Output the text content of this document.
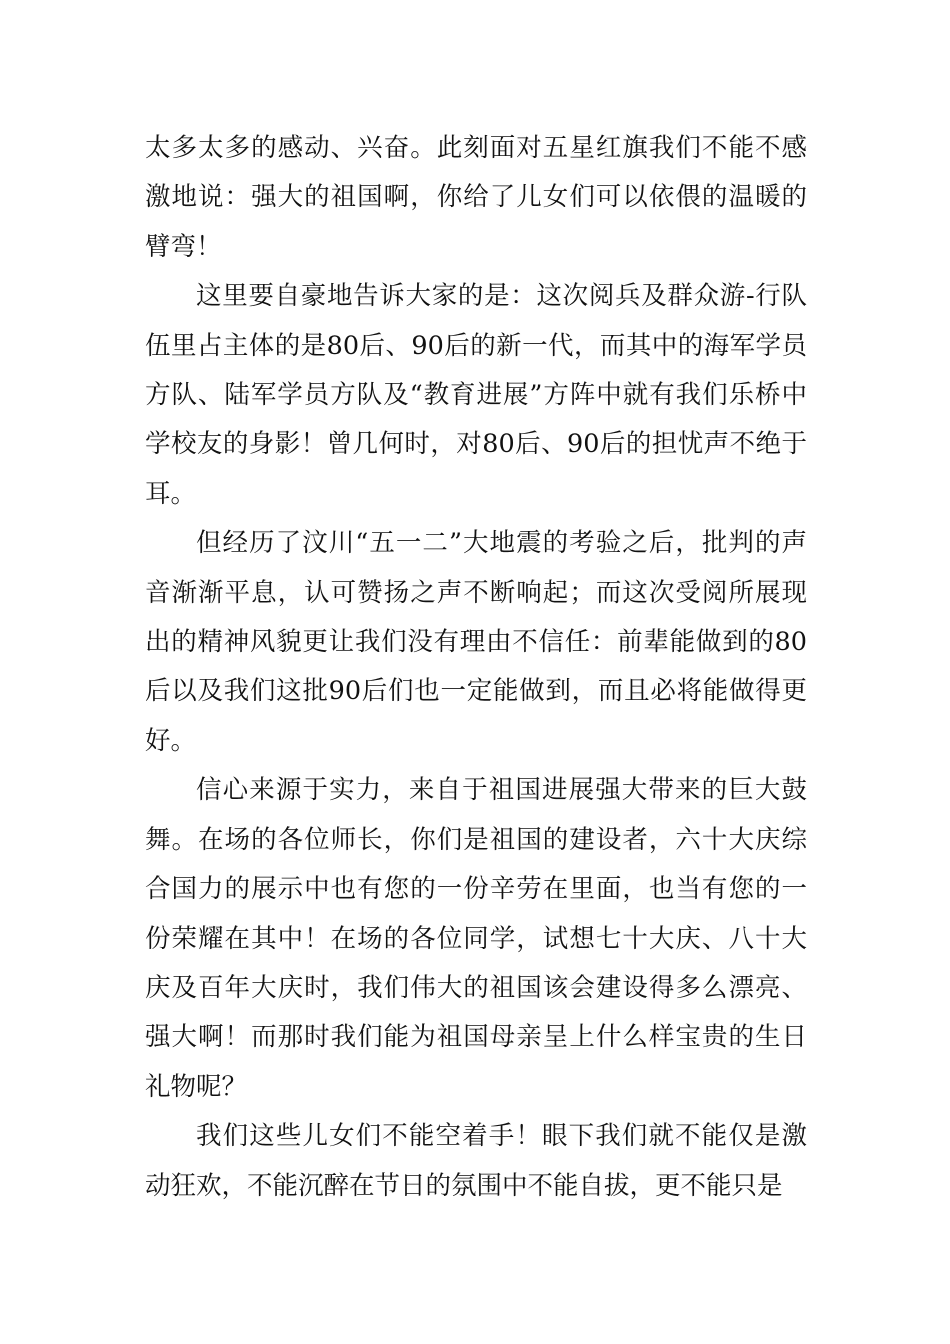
太多太多的感动、兴奋。此刻面对五星红旗我们不能不感激地说：强大的祖国啊，你给了儿女们可以依偎的温暖的臂弯！

这里要自豪地告诉大家的是：这次阅兵及群众游-行队伍里占主体的是80后、90后的新一代，而其中的海军学员方队、陆军学员方队及“教育进展”方阵中就有我们乐桥中学校友的身影！曾几何时，对80后、90后的担忧声不绝于耳。

但经历了汶川“五一二”大地震的考验之后，批判的声音渐渐平息，认可赞扬之声不断响起；而这次受阅所展现出的精神风貌更让我们没有理由不信任：前辈能做到的80后以及我们这批90后们也一定能做到，而且必将能做得更好。

信心来源于实力，来自于祖国进展强大带来的巨大鼓舞。在场的各位师长，你们是祖国的建设者，六十大庆综合国力的展示中也有您的一份辛劳在里面，也当有您的一份荣耀在其中！在场的各位同学，试想七十大庆、八十大庆及百年大庆时，我们伟大的祖国该会建设得多么漂亮、强大啊！而那时我们能为祖国母亲呈上什么样宝贵的生日礼物呢？

我们这些儿女们不能空着手！眼下我们就不能仅是激动狂欢，不能沉醉在节日的氛围中不能自拔，更不能只是
